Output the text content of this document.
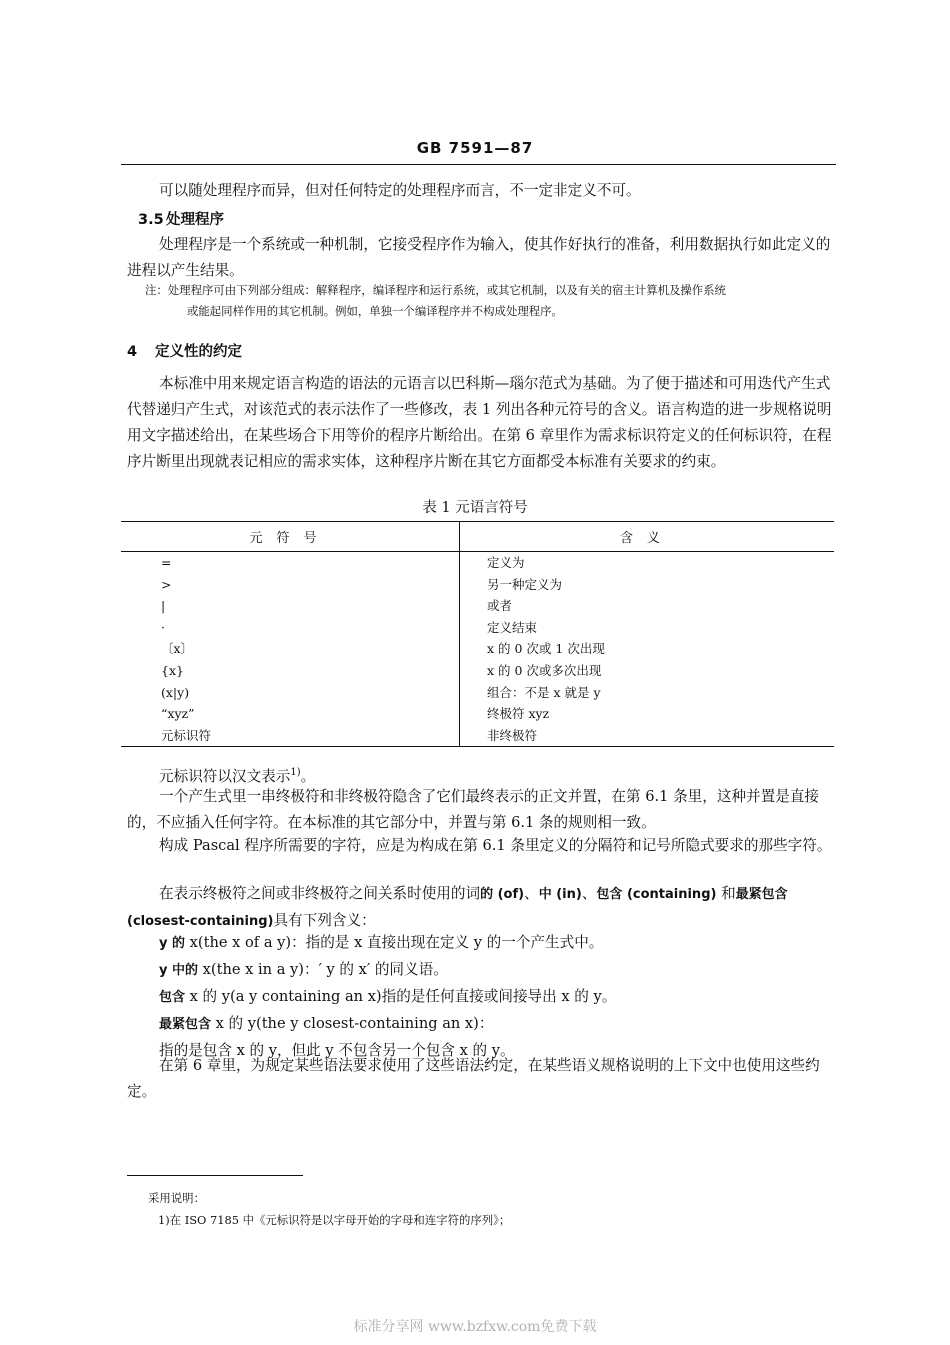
GB 7591—87
可以随处理程序而异，但对任何特定的处理程序而言，不一定非定义不可。
3.5 处理程序
处理程序是一个系统或一种机制，它接受程序作为输入，使其作好执行的准备，利用数据执行如此定义的进程以产生结果。
注：处理程序可由下列部分组成：解释程序，编译程序和运行系统，或其它机制，以及有关的宿主计算机及操作系统
或能起同样作用的其它机制。例如，单独一个编译程序并不构成处理程序。
4 定义性的约定
本标准中用来规定语言构造的语法的元语言以巴科斯—瑙尔范式为基础。为了便于描述和可用迭代产生式代替递归产生式，对该范式的表示法作了一些修改，表 1 列出各种元符号的含义。语言构造的进一步规格说明用文字描述给出，在某些场合下用等价的程序片断给出。在第 6 章里作为需求标识符定义的任何标识符，在程序片断里出现就表记相应的需求实体，这种程序片断在其它方面都受本标准有关要求的约束。
表 1 元语言符号
元符号	含义
=	定义为
>	另一种定义为
|	或者
·	定义结束
〔x〕	x 的 0 次或 1 次出现
{x}	x 的 0 次或多次出现
(x|y)	组合：不是 x 就是 y
“xyz”	终极符 xyz
元标识符	非终极符
元标识符以汉文表示$^{1)}$。
一个产生式里一串终极符和非终极符隐含了它们最终表示的正文并置，在第 6.1 条里，这种并置是直接的，不应插入任何字符。在本标准的其它部分中，并置与第 6.1 条的规则相一致。
构成 Pascal 程序所需要的字符，应是为构成在第 6.1 条里定义的分隔符和记号所隐式要求的那些字符。
在表示终极符之间或非终极符之间关系时使用的词的 (of)、中 (in)、包含 (containing) 和最紧包含
(closest-containing)具有下列含义：
y 的 x(the x of a y)：指的是 x 直接出现在定义 y 的一个产生式中。
y 中的 x(the x in a y)：′ y 的 x′ 的同义语。
包含 x 的 y(a y containing an x)指的是任何直接或间接导出 x 的 y。
最紧包含 x 的 y(the y closest-containing an x)：
指的是包含 x 的 y，但此 y 不包含另一个包含 x 的 y。
在第 6 章里，为规定某些语法要求使用了这些语法约定，在某些语义规格说明的上下文中也使用这些约定。
采用说明：
1)在 ISO 7185 中《元标识符是以字母开始的字母和连字符的序列》；
标准分享网 www.bzfxw.com免费下载
